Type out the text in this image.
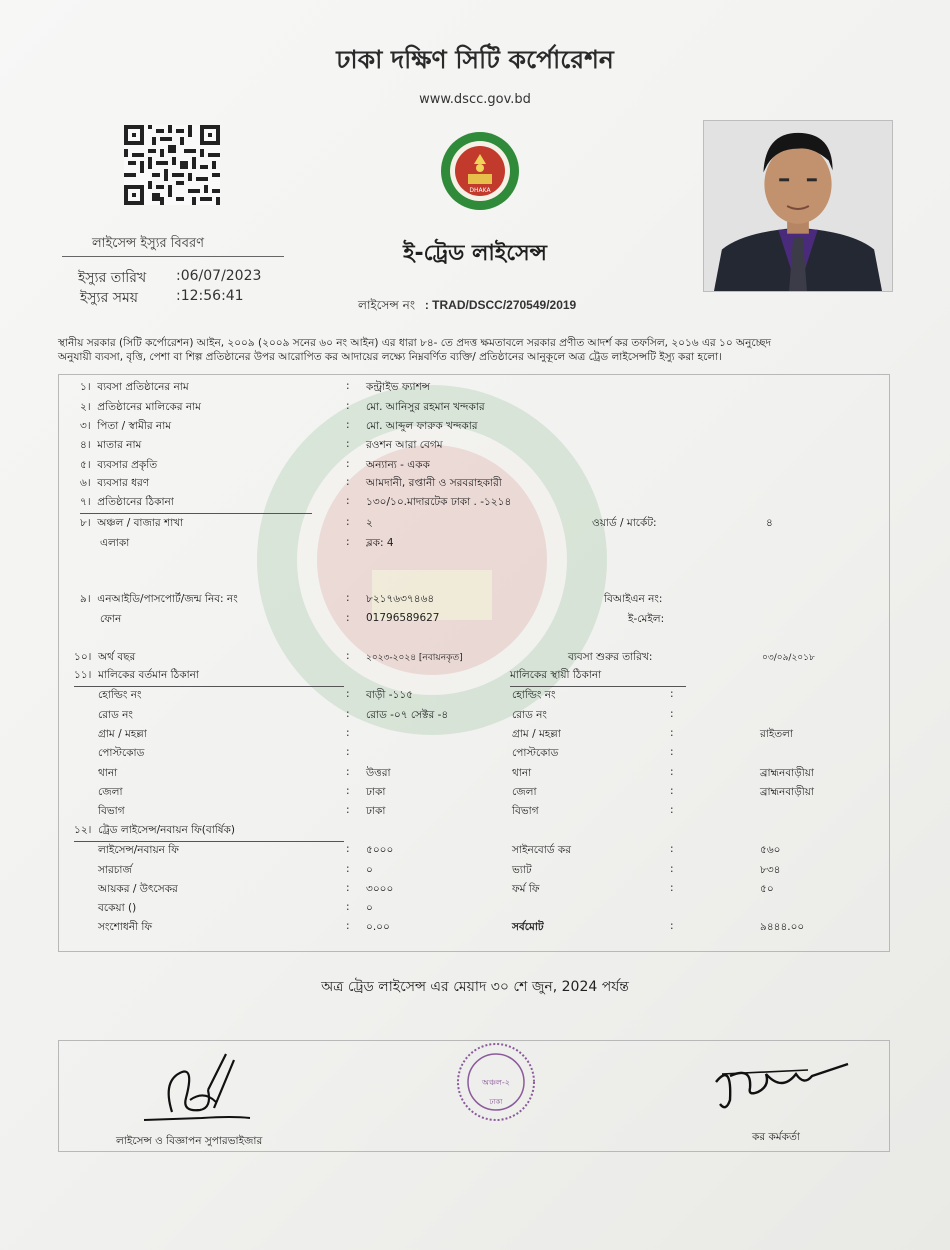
ঢাকা দক্ষিণ সিটি কর্পোরেশন
www.dscc.gov.bd
লাইসেন্স ইস্যুর বিবরণ
ইস্যুর তারিখ :06/07/2023
ইস্যুর সময়	:12:56:41
DHAKA
ই-ট্রেড লাইসেন্স
লাইসেন্স নং : TRAD/DSCC/270549/2019
স্থানীয় সরকার (সিটি কর্পোরেশন) আইন, ২০০৯ (২০০৯ সনের ৬০ নং আইন) এর ধারা ৮৪- তে প্রদত্ত ক্ষমতাবলে সরকার প্রণীত আদর্শ কর তফসিল, ২০১৬ এর ১০ অনুচ্ছেদ
অনুযায়ী ব্যবসা, বৃত্তি, পেশা বা শিল্প প্রতিষ্ঠানের উপর আরোপিত কর আদায়ের লক্ষ্যে নিম্নবর্ণিত ব্যক্তি/ প্রতিষ্ঠানের আনুকূলে অত্র ট্রেড লাইসেন্সটি ইস্যু করা হলো।
১। ব্যবসা প্রতিষ্ঠানের নাম	: কন্ট্রাইভ ফ্যাশন্স
২। প্রতিষ্ঠানের মালিকের নাম	: মো. আনিসুর রহমান খন্দকার
৩। পিতা / স্বামীর নাম	: মো. আব্দুল ফারুক খন্দকার
৪। মাতার নাম	: রওশন আরা বেগম
৫। ব্যবসার প্রকৃতি	: অন্যান্য - একক
৬। ব্যবসার ধরণ	: আমদানী, রপ্তানী ও সরবরাহকারী
৭। প্রতিষ্ঠানের ঠিকানা	: ১৩০/১০.মাদারটেক ঢাকা . -১২১৪
৮। অঞ্চল / বাজার শাখা	: ২	ওয়ার্ড / মার্কেট:	৪
এলাকা	: ব্লক: 4
৯। এনআইডি/পাসপোর্ট/জন্ম নিব: নং	: ৮২১৭৬৩৭৪৬৪	বিআইএন নং:
ফোন	: 01796589627	ই-মেইল:
১০। অর্থ বছর	: ২০২৩-২০২৪ [নবায়নকৃত]	ব্যবসা শুরুর তারিখ:	০৩/০৯/২০১৮
১১। মালিকের বর্তমান ঠিকানা	মালিকের স্থায়ী ঠিকানা
হোল্ডিং নং	: বাড়ী -১১৫	হোল্ডিং নং	:
রোড নং	: রোড -০৭ সেক্টর -৪	রোড নং	:
গ্রাম / মহল্লা	:	গ্রাম / মহল্লা	:	রাইতলা
পোস্টকোড	:	পোস্টকোড	:
থানা	: উত্তরা	থানা	:	ব্রাহ্মনবাড়ীয়া
জেলা	: ঢাকা	জেলা	:	ব্রাহ্মনবাড়ীয়া
বিভাগ	: ঢাকা	বিভাগ	:
১২। ট্রেড লাইসেন্স/নবায়ন ফি(বার্ষিক)
লাইসেন্স/নবায়ন ফি	: ৫০০০	সাইনবোর্ড কর	:	৫৬০
সারচার্জ	: ০	ভ্যাট	:	৮৩৪
আয়কর / উৎসেকর	: ৩০০০	ফর্ম ফি	:	৫০
বকেয়া ()	: ০
সংশোধনী ফি	: ০.০০	সর্বমোট	:	৯৪৪৪.০০
অত্র ট্রেড লাইসেন্স এর মেয়াদ ৩০ শে জুন, 2024 পর্যন্ত
অঞ্চল-২
ঢাকা
লাইসেন্স ও বিজ্ঞাপন সুপারভাইজার	কর কর্মকর্তা
